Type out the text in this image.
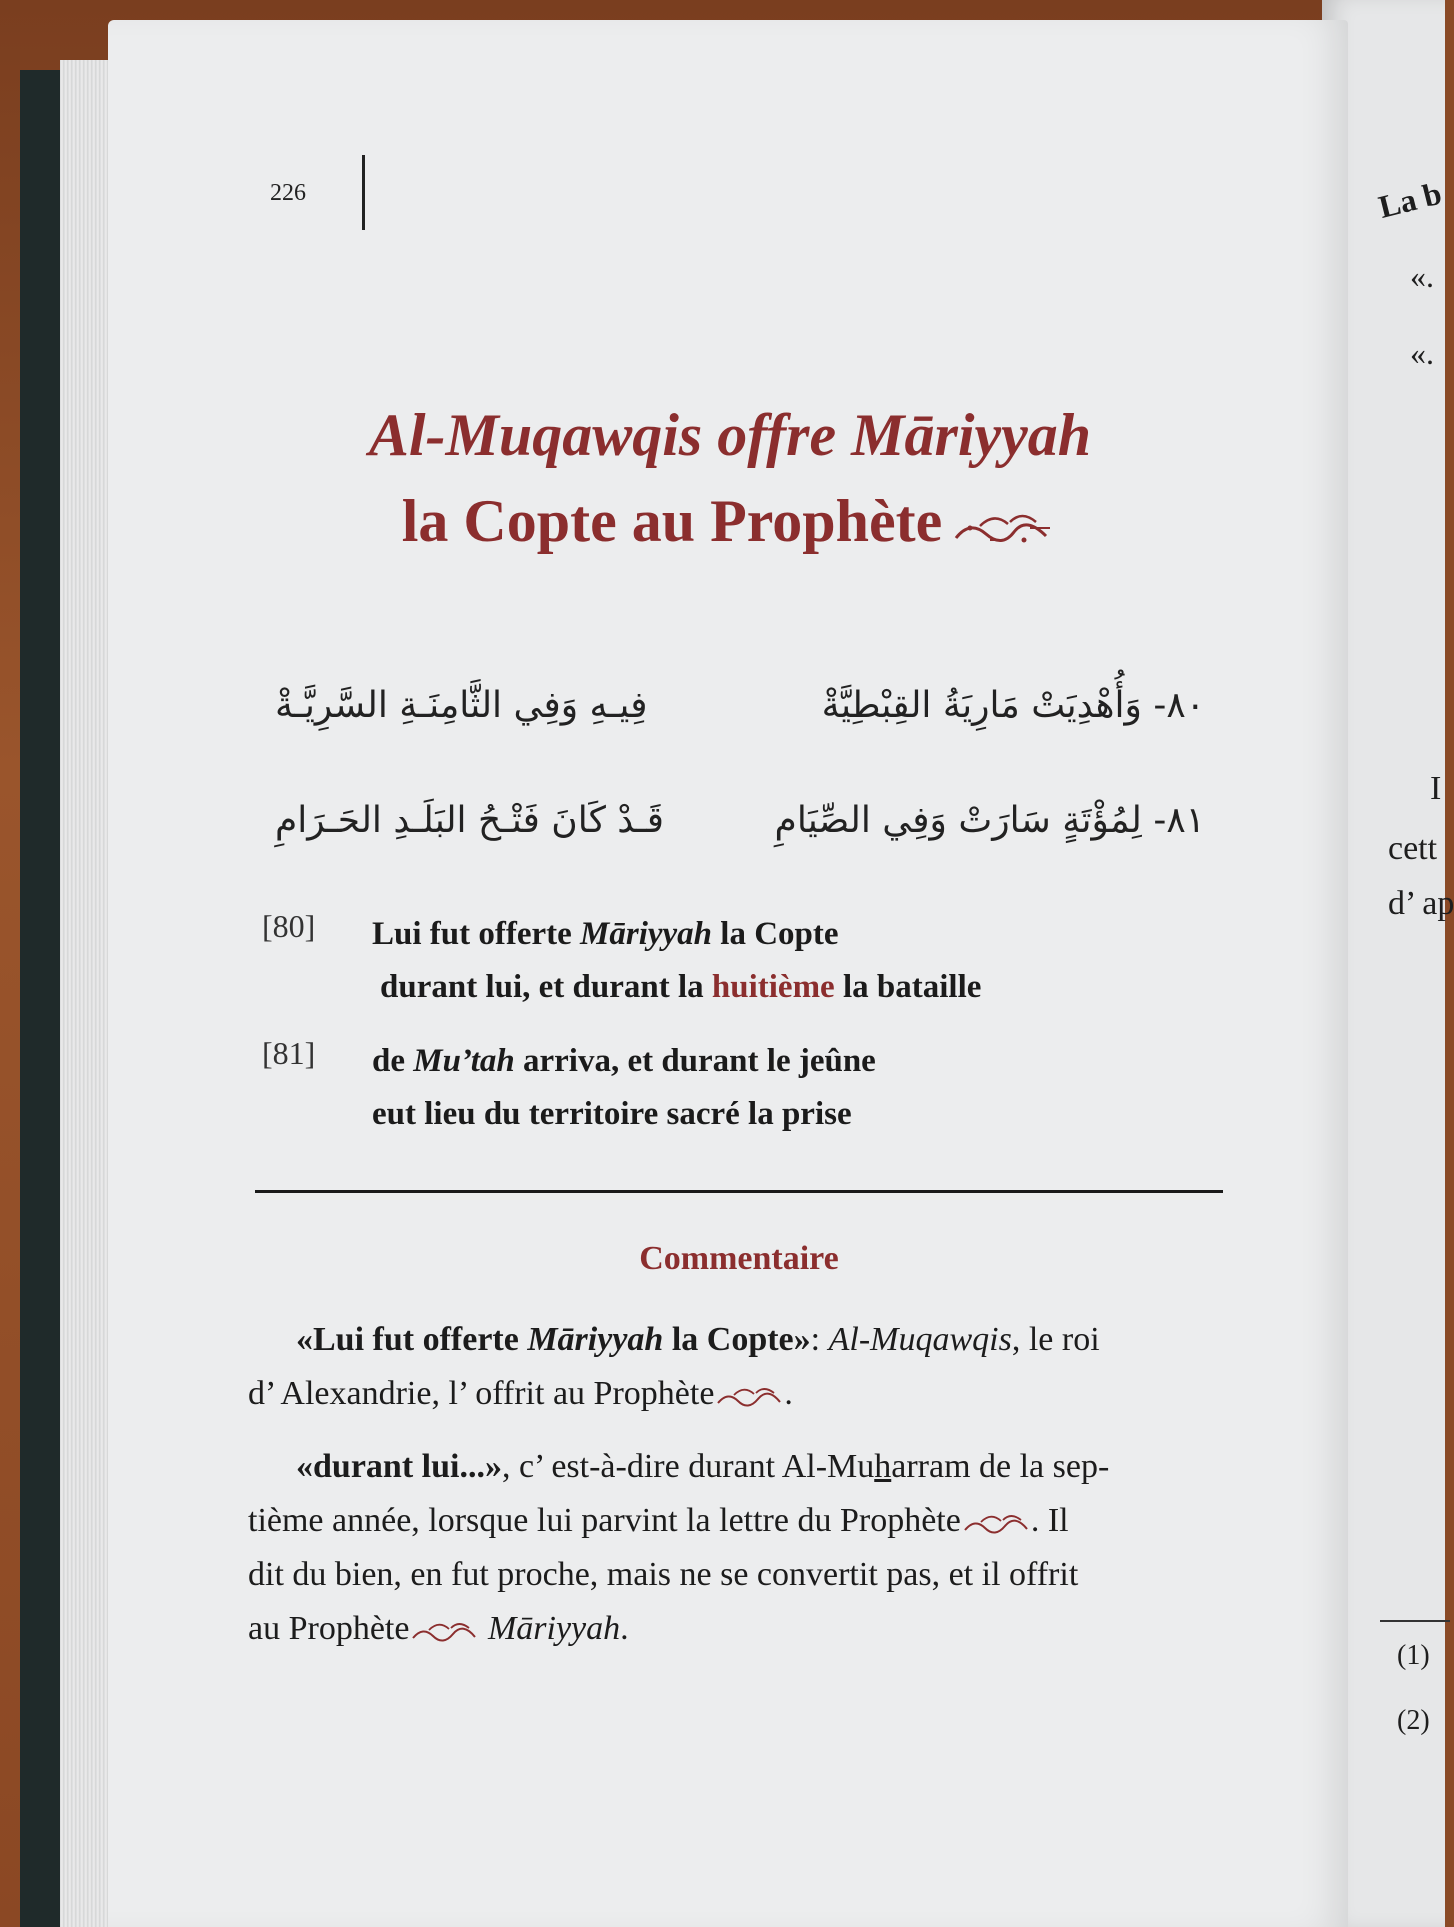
La b
«.
«.
I
cett
d’ ap
(1)
(2)
226
Al-Muqawqis offre Māriyyah
la Copte au Prophète
٨٠- وَأُهْدِيَتْ مَارِيَةُ القِبْطِيَّةْ
فِيـهِ وَفِي الثَّامِنَـةِ السَّرِيَّـةْ
٨١- لِمُؤْتَةٍ سَارَتْ وَفِي الصِّيَامِ
قَـدْ كَانَ فَتْـحُ البَلَـدِ الحَـرَامِ
[80] Lui fut offerte Māriyyah la Copte
durant lui, et durant la huitième la bataille
[81] de Mu’tah arriva, et durant le jeûne
eut lieu du territoire sacré la prise
Commentaire
«Lui fut offerte Māriyyah la Copte»: Al-Muqawqis, le roi
d’ Alexandrie, l’ offrit au Prophète .
«durant lui...», c’ est-à-dire durant Al-Muharram de la sep-
tième année, lorsque lui parvint la lettre du Prophète . Il
dit du bien, en fut proche, mais ne se convertit pas, et il offrit
au Prophète Māriyyah.
